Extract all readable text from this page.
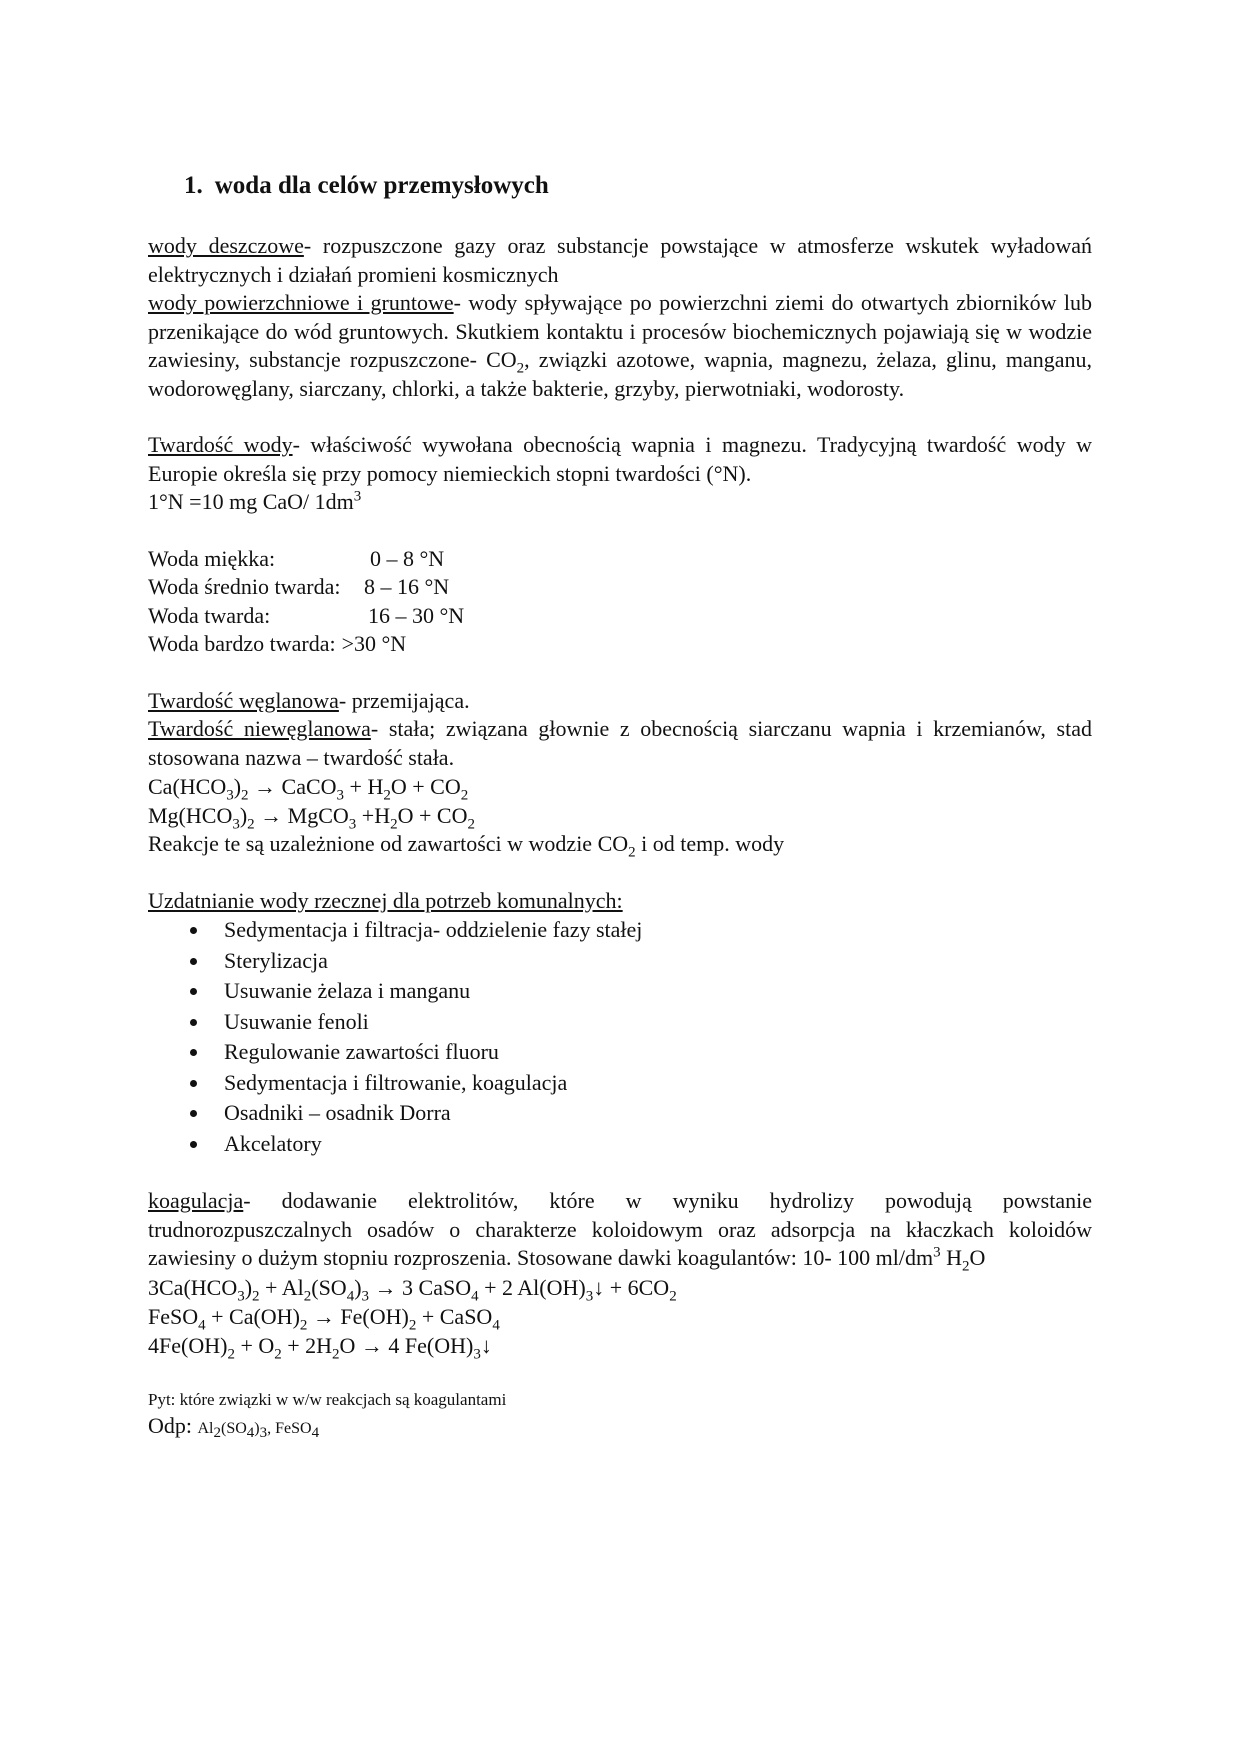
1. woda dla celów przemysłowych

wody deszczowe- rozpuszczone gazy oraz substancje powstające w atmosferze wskutek wyładowań elektrycznych i działań promieni kosmicznych

wody powierzchniowe i gruntowe- wody spływające po powierzchni ziemi do otwartych zbiorników lub przenikające do wód gruntowych. Skutkiem kontaktu i procesów biochemicznych pojawiają się w wodzie zawiesiny, substancje rozpuszczone- $CO_2$, związki azotowe, wapnia, magnezu, żelaza, glinu, manganu, wodorowęglany, siarczany, chlorki, a także bakterie, grzyby, pierwotniaki, wodorosty.

Twardość wody- właściwość wywołana obecnością wapnia i magnezu. Tradycyjną twardość wody w Europie określa się przy pomocy niemieckich stopni twardości (°N).

1°N =10 mg CaO/ $1dm^3$

Woda miękka:	0 – 8 °N
Woda średnio twarda:	8 – 16 °N
Woda twarda:	16 – 30 °N
Woda bardzo twarda: >30 °N

Twardość węglanowa- przemijająca.

Twardość niewęglanowa- stała; związana głownie z obecnością siarczanu wapnia i krzemianów, stad stosowana nazwa – twardość stała.

$Ca(HCO_3)_2$ → CaCO$_3$ + $H_2O + CO_2$

$Mg(HCO_3)_2$ → MgCO$_3$ $+H_2O + CO_2$

Reakcje te są uzależnione od zawartości w wodzie $CO_2$ i od temp. wody

Uzdatnianie wody rzecznej dla potrzeb komunalnych:

Sedymentacja i filtracja- oddzielenie fazy stałej
Sterylizacja
Usuwanie żelaza i manganu
Usuwanie fenoli
Regulowanie zawartości fluoru
Sedymentacja i filtrowanie, koagulacja
Osadniki – osadnik Dorra
Akcelatory

koagulacja- dodawanie elektrolitów, które w wyniku hydrolizy powodują powstanie trudnorozpuszczalnych osadów o charakterze koloidowym oraz adsorpcja na kłaczkach koloidów zawiesiny o dużym stopniu rozproszenia. Stosowane dawki koagulantów: 10- 100 $ml/dm^3$ $H_2O$

$3Ca(HCO_3)_2 + Al_2(SO_4)_3 \to 3$ CaSO$_4$ + 2 $Al(OH)_3↓ + 6CO_2$

FeSO$_4$ + $Ca(OH)_2 \to Fe(OH)_2$ + CaSO$_4$

$4Fe(OH)_2 + O_2 + 2H_2O \to 4$ $Fe(OH)_3↓$

Pyt: które związki w w/w reakcjach są koagulantami

Odp: $Al_2(SO_4)_3$, FeSO$_4$
